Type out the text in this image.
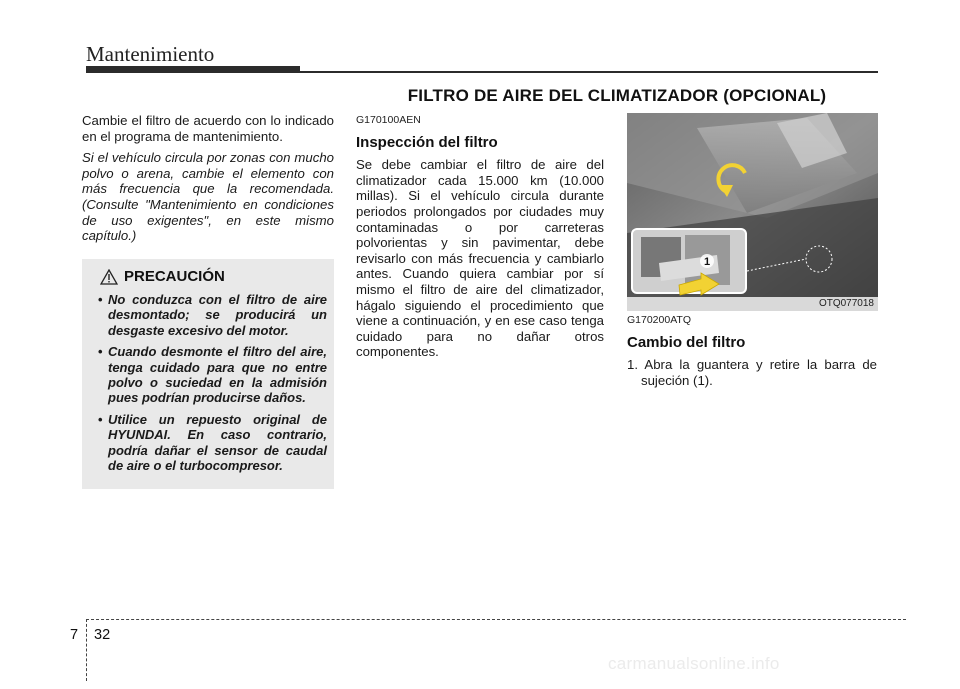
Mantenimiento
FILTRO DE AIRE DEL CLIMATIZADOR (OPCIONAL)

Cambie el filtro de acuerdo con lo indicado en el programa de mantenimiento.

Si el vehículo circula por zonas con mucho polvo o arena, cambie el elemento con más frecuencia que la recomendada. (Consulte "Mantenimiento en condiciones de uso exigentes", en este mismo capítulo.)

PRECAUCIÓN
• No conduzca con el filtro de aire desmontado; se producirá un desgaste excesivo del motor.
• Cuando desmonte el filtro del aire, tenga cuidado para que no entre polvo o suciedad en la admisión pues podrían producirse daños.
• Utilice un repuesto original de HYUNDAI. En caso contrario, podría dañar el sensor de caudal de aire o el turbocompresor.
G170100AEN
Inspección del filtro

Se debe cambiar el filtro de aire del climatizador cada 15.000 km (10.000 millas). Si el vehículo circula durante periodos prolongados por ciudades muy contaminadas o por carreteras polvorientas y sin pavimentar, debe revisarlo con más frecuencia y cambiarlo antes. Cuando quiera cambiar por sí mismo el filtro de aire del climatizador, hágalo siguiendo el procedimiento que viene a continuación, y en ese caso tenga cuidado para no dañar otros componentes.

1
OTQ077018
G170200ATQ
Cambio del filtro

1. Abra la guantera y retire la barra de sujeción (1).

7 32
carmanualsonline.info
